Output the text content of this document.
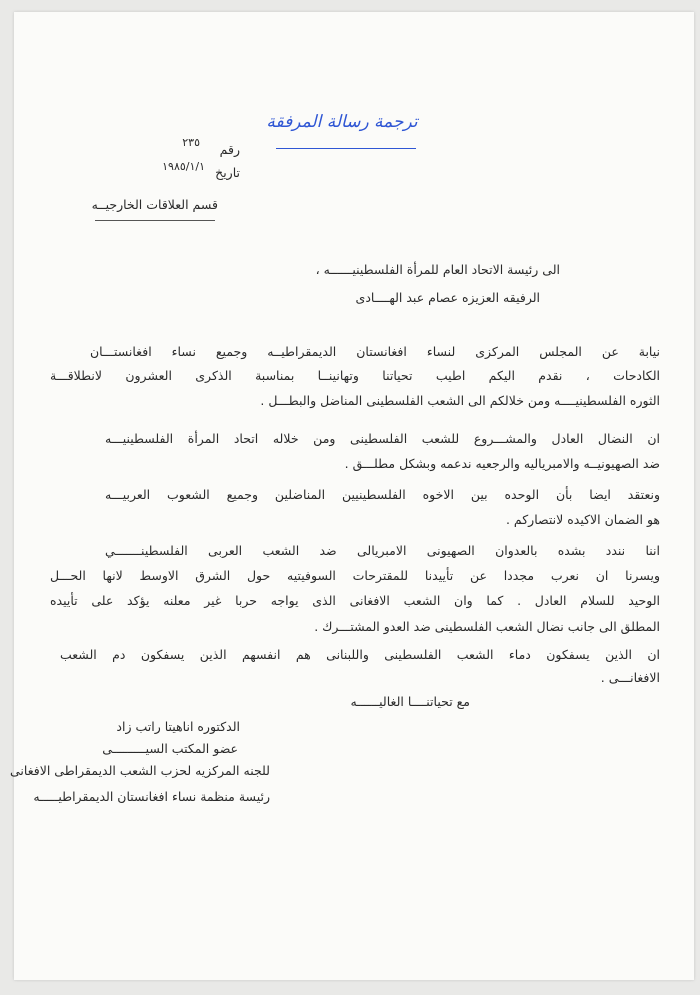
ترجمة رسالة المرفقة
رقم
٢٣٥
تاريخ
١٩٨٥/١/١
قسم العلاقات الخارجيــه
الى رئيسة الاتحاد العام للمرأة الفلسطينيــــــه ،
الرفيقه العزيزه عصام عبد الهــــادى
نيابة عن المجلس المركزى لنساء افغانستان الديمقراطيــه وجميع نساء افغانستـــان
الكادحات ، نقدم اليكم اطيب تحياتنا وتهانينــا بمناسبة الذكرى العشرون لانطلاقـــة
الثوره الفلسطينيــــه ومن خلالكم الى الشعب الفلسطينى المناضل والبطـــل .
ان النضال العادل والمشـــروع للشعب الفلسطينى ومن خلاله اتحاد المرأة الفلسطينيـــه
ضد الصهيونيــه والامبرياليه والرجعيه ندعمه وبشكل مطلـــق .
ونعتقد ايضا بأن الوحده بين الاخوه الفلسطينيين المناضلين وجميع الشعوب العربيـــه
هو الضمان الاكيده لانتصاركم .
اننا نندد بشده بالعدوان الصهيونى الامبريالى ضد الشعب العربى الفلسطينـــــــي
ويسرنا ان نعرب مجددا عن تأييدنا للمقترحات السوفيتيه حول الشرق الاوسط لانها الحـــل
الوحيد للسلام العادل . كما وان الشعب الافغانى الذى يواجه حربا غير معلنه يؤكد على تأييده
المطلق الى جانب نضال الشعب الفلسطينى ضد العدو المشتـــرك .
ان الذين يسفكون دماء الشعب الفلسطينى واللبنانى هم انفسهم الذين يسفكون دم الشعب
الافغانـــى .
مع تحياتنــــا الغاليــــــه
الدكتوره اناهيتا راتب زاد
عضو المكتب السيـــــــــى
للجنه المركزيه لحزب الشعب الديمقراطى الافغانى
رئيسة منظمة نساء افغانستان الديمقراطيـــــه
